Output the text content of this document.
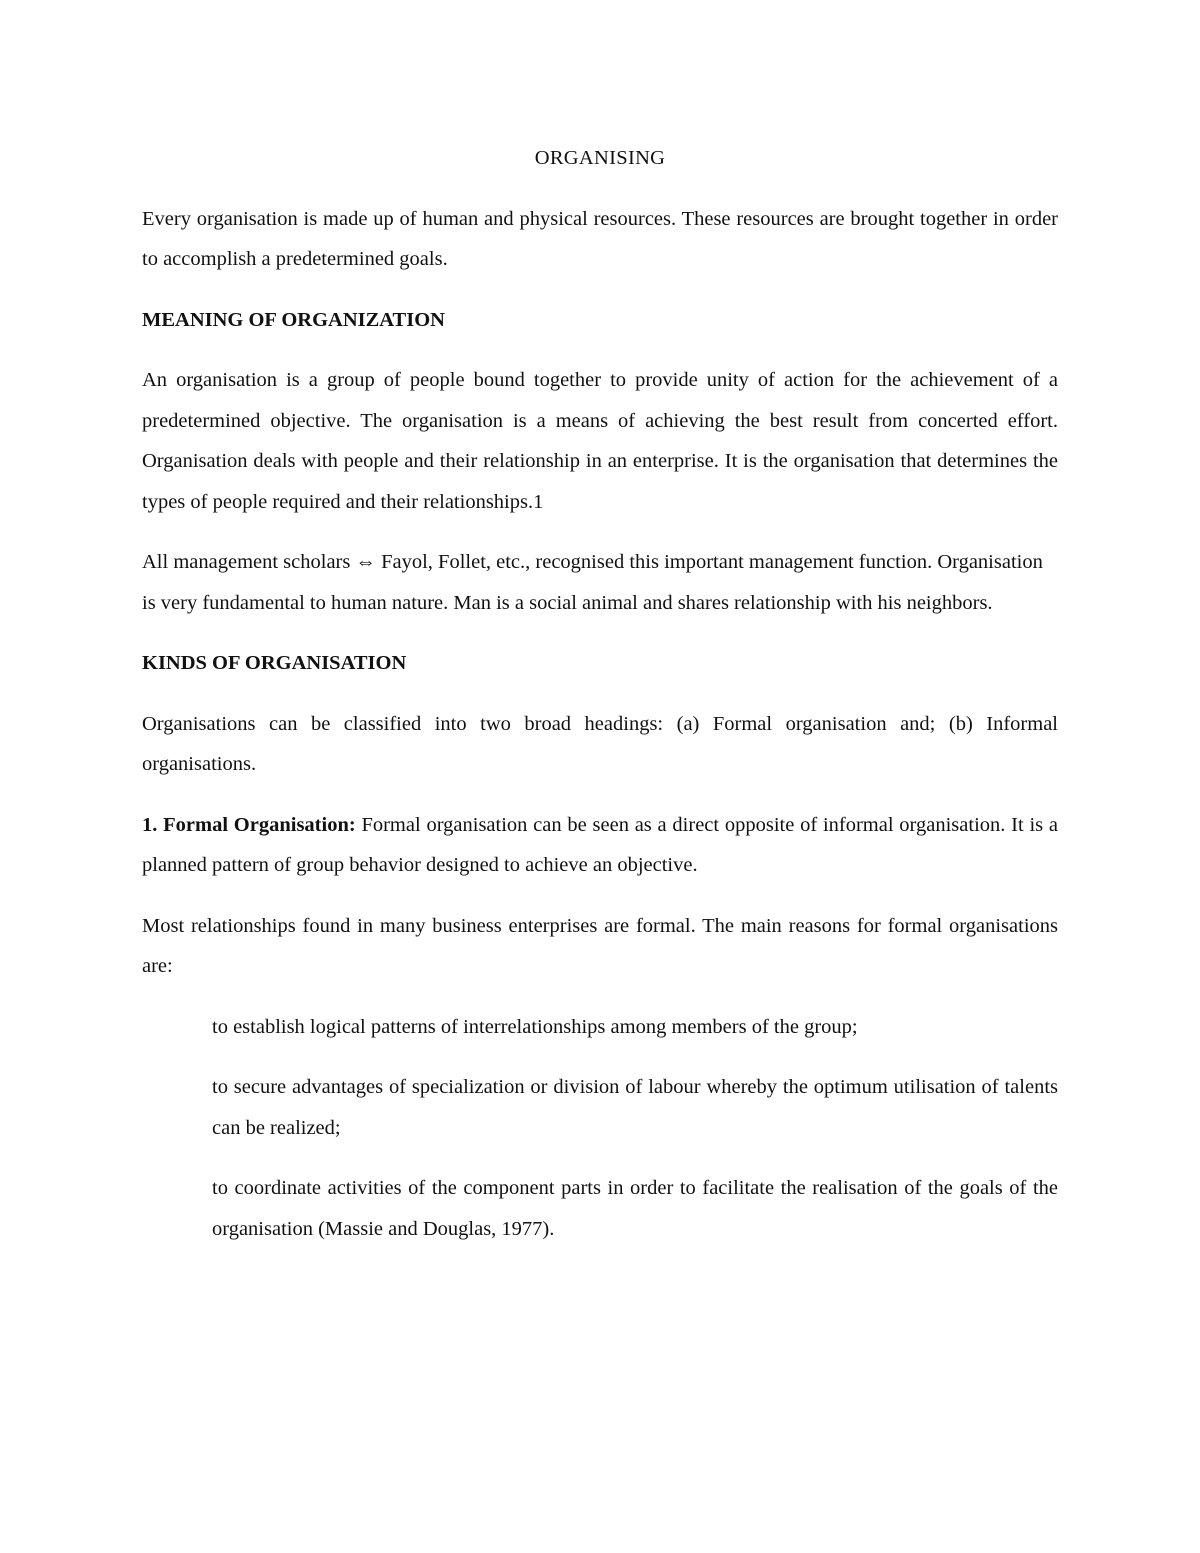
ORGANISING

Every organisation is made up of human and physical resources. These resources are brought together in order to accomplish a predetermined goals.

MEANING OF ORGANIZATION

An organisation is a group of people bound together to provide unity of action for the achievement of a predetermined objective. The organisation is a means of achieving the best result from concerted effort. Organisation deals with people and their relationship in an enterprise. It is the organisation that determines the types of people required and their relationships.1

All management scholars ⇔ Fayol, Follet, etc., recognised this important management function. Organisation is very fundamental to human nature. Man is a social animal and shares relationship with his neighbors.

KINDS OF ORGANISATION

Organisations can be classified into two broad headings: (a) Formal organisation and; (b) Informal organisations.

1. Formal Organisation: Formal organisation can be seen as a direct opposite of informal organisation. It is a planned pattern of group behavior designed to achieve an objective.

Most relationships found in many business enterprises are formal. The main reasons for formal organisations are:

to establish logical patterns of interrelationships among members of the group;
to secure advantages of specialization or division of labour whereby the optimum utilisation of talents can be realized;
to coordinate activities of the component parts in order to facilitate the realisation of the goals of the organisation (Massie and Douglas, 1977).
